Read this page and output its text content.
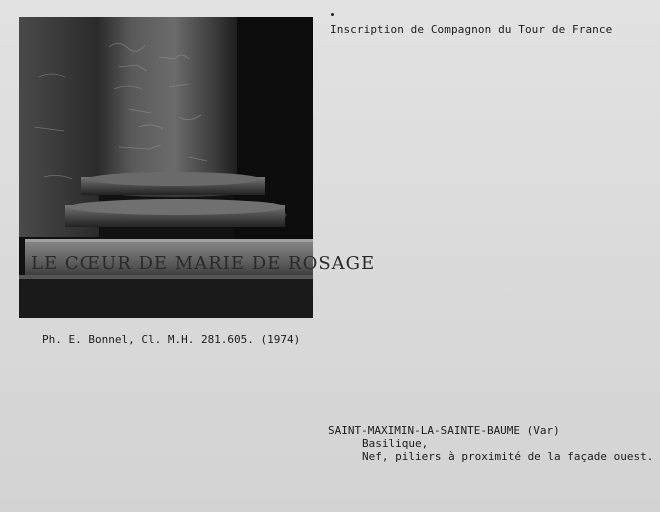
LE CŒUR DE MARIE DE ROSAGE
Inscription de Compagnon du Tour de France
Ph. E. Bonnel, Cl. M.H. 281.605. (1974)
SAINT-MAXIMIN-LA-SAINTE-BAUME (Var)
Basilique,
Nef, piliers à proximité de la façade ouest.
